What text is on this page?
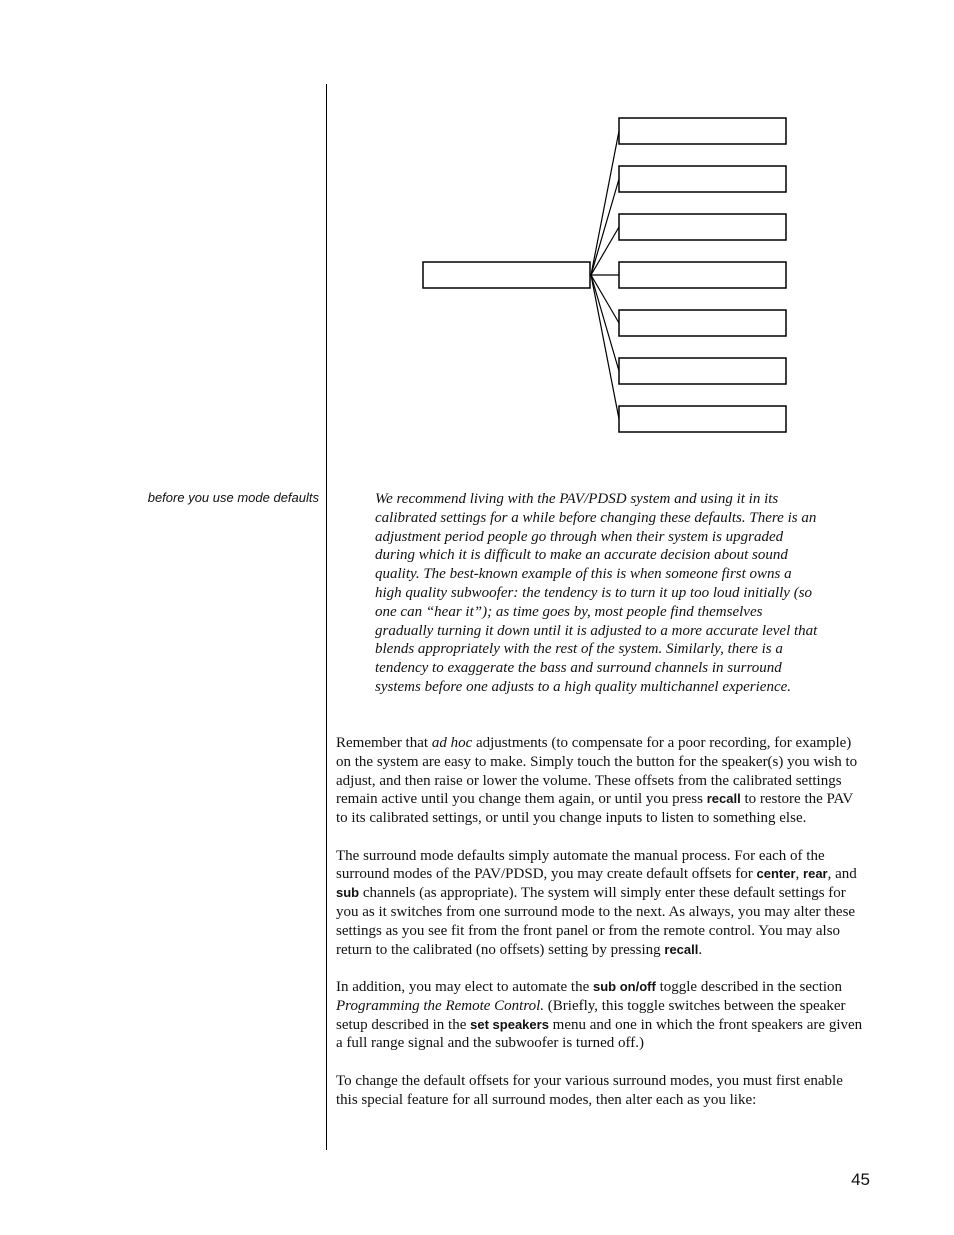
before you use mode defaults	We recommend living with the PAV/PDSD system and using it in its calibrated settings for a while before changing these defaults. There is an adjustment period people go through when their system is upgraded during which it is difficult to make an accurate decision about sound quality. The best-known example of this is when someone first owns a high quality subwoofer: the tendency is to turn it up too loud initially (so one can “hear it”); as time goes by, most people find themselves gradually turning it down until it is adjusted to a more accurate level that blends appropriately with the rest of the system. Similarly, there is a tendency to exaggerate the bass and surround channels in surround systems before one adjusts to a high quality multichannel experience.

Remember that ad hoc adjustments (to compensate for a poor recording, for example) on the system are easy to make. Simply touch the button for the speaker(s) you wish to adjust, and then raise or lower the volume. These offsets from the calibrated settings remain active until you change them again, or until you press recall to restore the PAV to its calibrated settings, or until you change inputs to listen to something else.

The surround mode defaults simply automate the manual process. For each of the surround modes of the PAV/PDSD, you may create default offsets for center, rear, and sub channels (as appropriate). The system will simply enter these default settings for you as it switches from one surround mode to the next. As always, you may alter these settings as you see fit from the front panel or from the remote control. You may also return to the calibrated (no offsets) setting by pressing recall.

In addition, you may elect to automate the sub on/off toggle described in the section Programming the Remote Control. (Briefly, this toggle switches between the speaker setup described in the set speakers menu and one in which the front speakers are given a full range signal and the subwoofer is turned off.)

To change the default offsets for your various surround modes, you must first enable this special feature for all surround modes, then alter each as you like:

45
